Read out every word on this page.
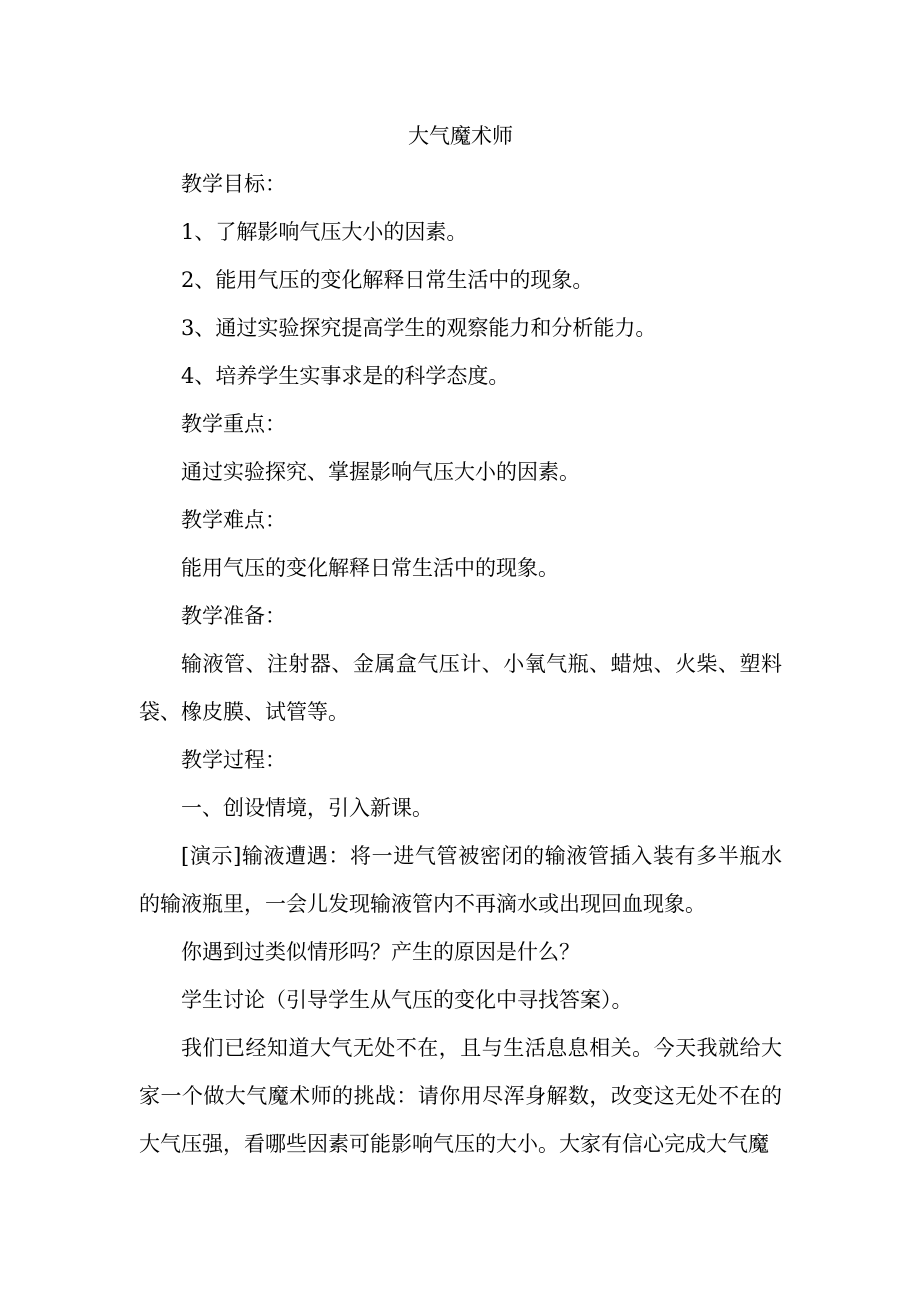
大气魔术师

教学目标：

1、了解影响气压大小的因素。

2、能用气压的变化解释日常生活中的现象。

3、通过实验探究提高学生的观察能力和分析能力。

4、培养学生实事求是的科学态度。

教学重点：

通过实验探究、掌握影响气压大小的因素。

教学难点：

能用气压的变化解释日常生活中的现象。

教学准备：

输液管、注射器、金属盒气压计、小氧气瓶、蜡烛、火柴、塑料袋、橡皮膜、试管等。

教学过程：

一、创设情境，引入新课。

[演示]输液遭遇：将一进气管被密闭的输液管插入装有多半瓶水的输液瓶里，一会儿发现输液管内不再滴水或出现回血现象。

你遇到过类似情形吗？产生的原因是什么？

学生讨论（引导学生从气压的变化中寻找答案）。

我们已经知道大气无处不在，且与生活息息相关。今天我就给大家一个做大气魔术师的挑战：请你用尽浑身解数，改变这无处不在的大气压强，看哪些因素可能影响气压的大小。大家有信心完成大气魔
